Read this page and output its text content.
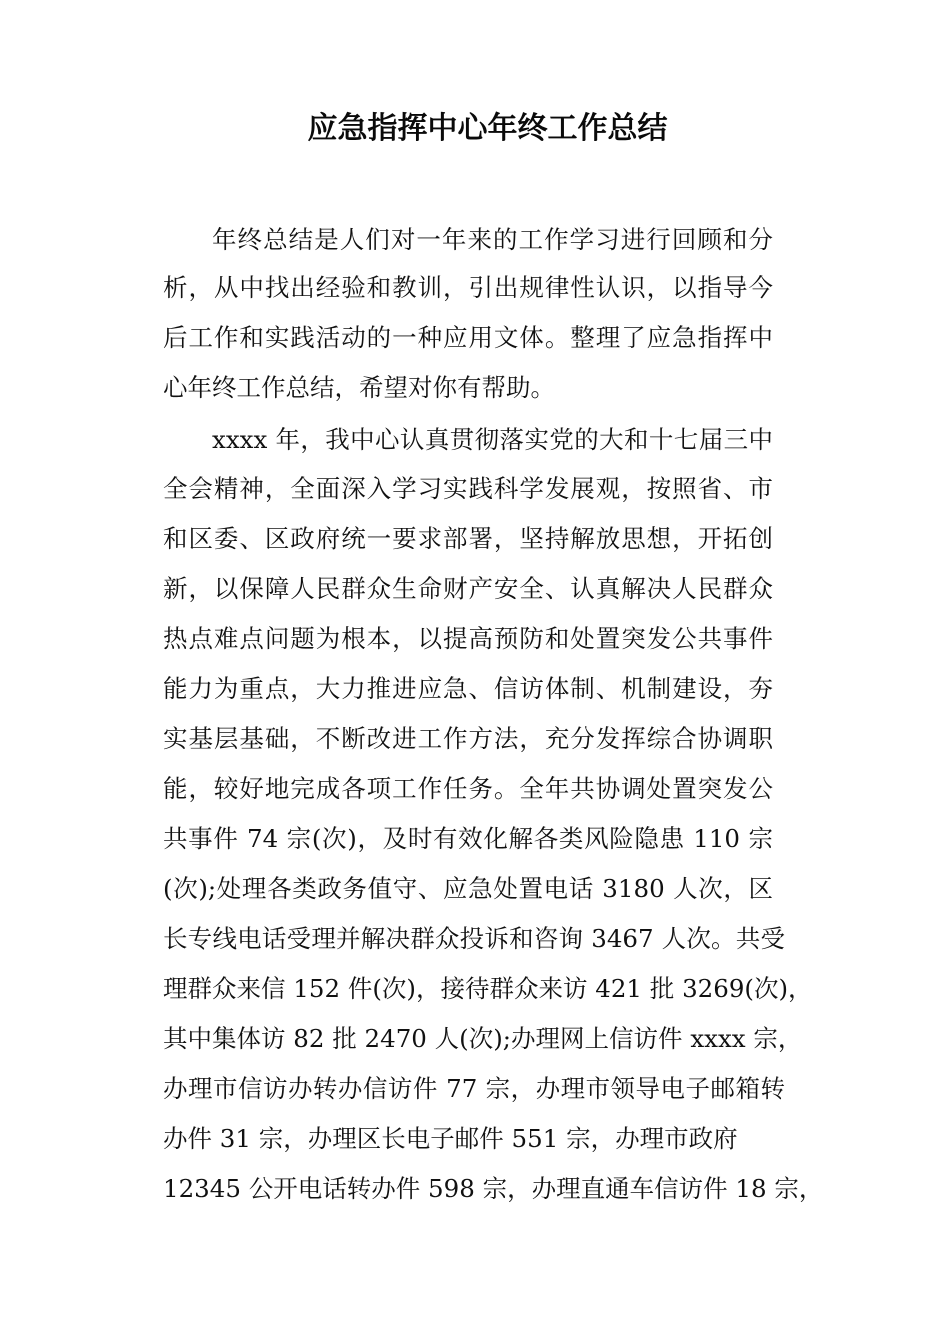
应急指挥中心年终工作总结

年终总结是人们对一年来的工作学习进行回顾和分

析，从中找出经验和教训，引出规律性认识，以指导今

后工作和实践活动的一种应用文体。整理了应急指挥中

心年终工作总结，希望对你有帮助。

xxxx 年，我中心认真贯彻落实党的大和十七届三中

全会精神，全面深入学习实践科学发展观，按照省、市

和区委、区政府统一要求部署，坚持解放思想，开拓创

新，以保障人民群众生命财产安全、认真解决人民群众

热点难点问题为根本，以提高预防和处置突发公共事件

能力为重点，大力推进应急、信访体制、机制建设，夯

实基层基础，不断改进工作方法，充分发挥综合协调职

能，较好地完成各项工作任务。全年共协调处置突发公

共事件 74 宗(次)，及时有效化解各类风险隐患 110 宗

(次);处理各类政务值守、应急处置电话 3180 人次，区

长专线电话受理并解决群众投诉和咨询 3467 人次。共受

理群众来信 152 件(次)，接待群众来访 421 批 3269(次)，

其中集体访 82 批 2470 人(次);办理网上信访件 xxxx 宗，

办理市信访办转办信访件 77 宗，办理市领导电子邮箱转

办件 31 宗，办理区长电子邮件 551 宗，办理市政府

12345 公开电话转办件 598 宗，办理直通车信访件 18 宗，
